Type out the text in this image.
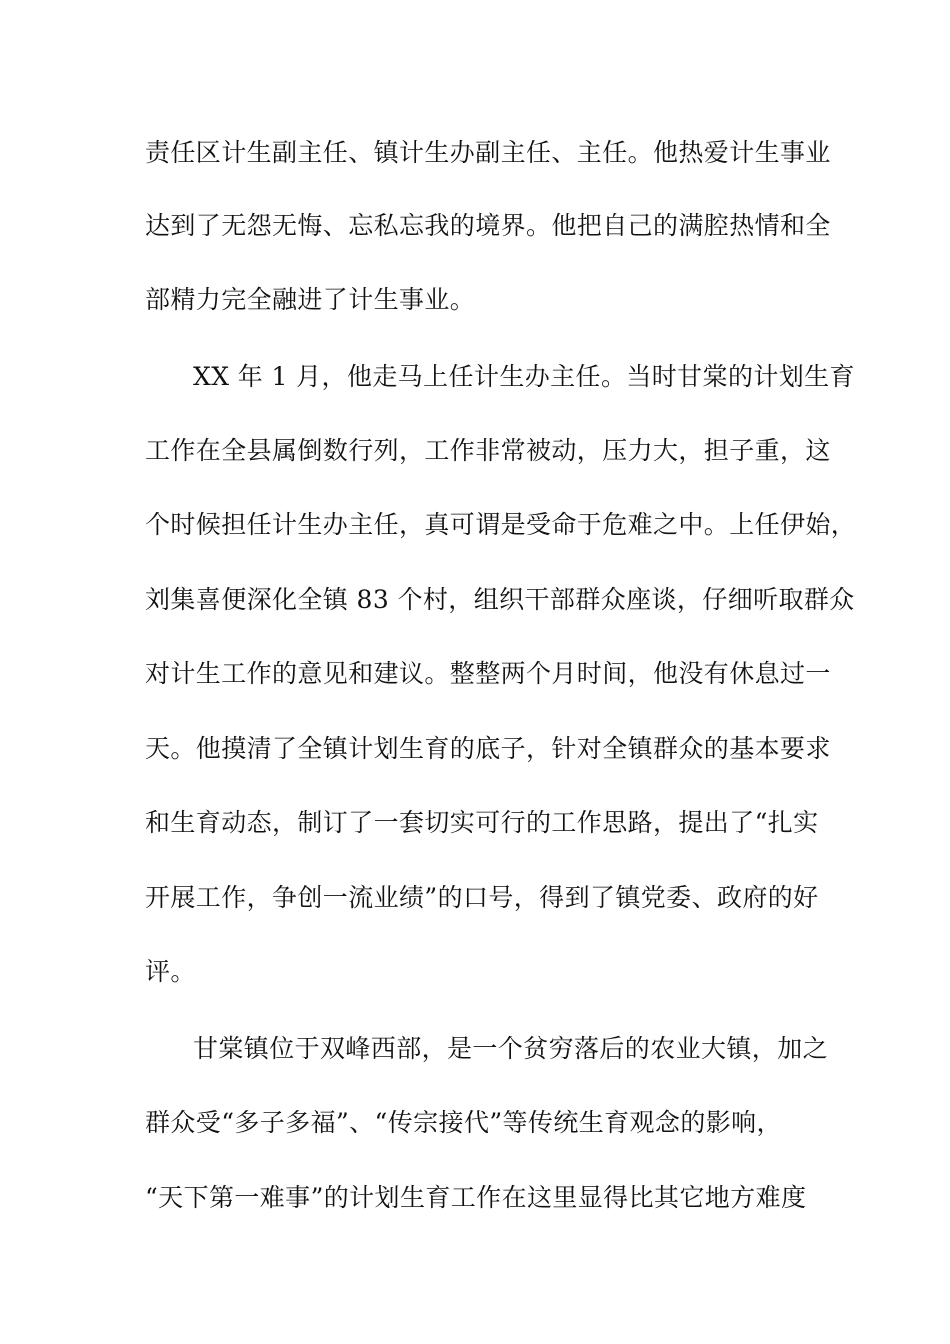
责任区计生副主任、镇计生办副主任、主任。他热爱计生事业
达到了无怨无悔、忘私忘我的境界。他把自己的满腔热情和全
部精力完全融进了计生事业。
XX 年 1 月，他走马上任计生办主任。当时甘棠的计划生育
工作在全县属倒数行列，工作非常被动，压力大，担子重，这
个时候担任计生办主任，真可谓是受命于危难之中。上任伊始，
刘集喜便深化全镇 83 个村，组织干部群众座谈，仔细听取群众
对计生工作的意见和建议。整整两个月时间，他没有休息过一
天。他摸清了全镇计划生育的底子，针对全镇群众的基本要求
和生育动态，制订了一套切实可行的工作思路，提出了“扎实
开展工作，争创一流业绩”的口号，得到了镇党委、政府的好
评。
甘棠镇位于双峰西部，是一个贫穷落后的农业大镇，加之
群众受“多子多福”、“传宗接代”等传统生育观念的影响，
“天下第一难事”的计划生育工作在这里显得比其它地方难度
